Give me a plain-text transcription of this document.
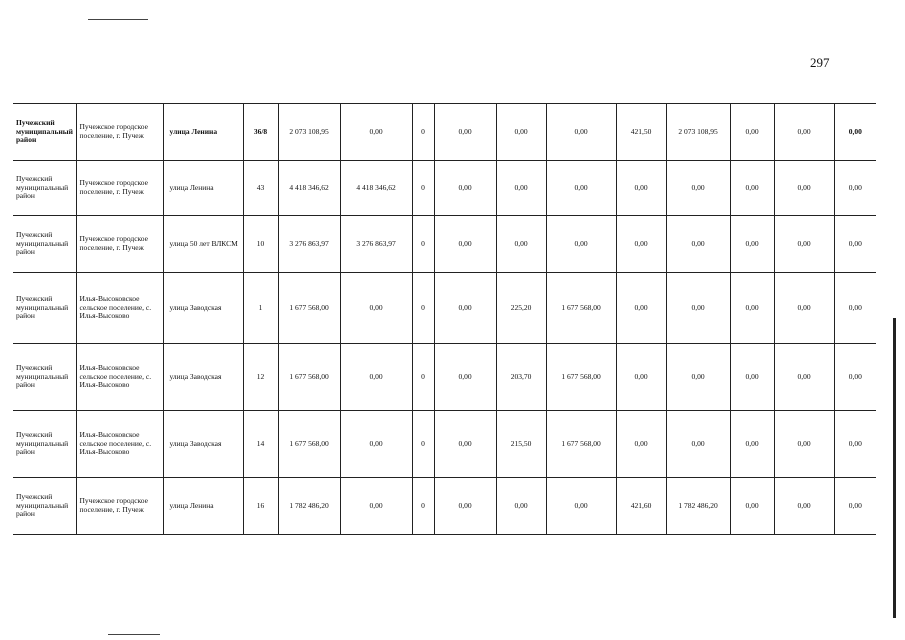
297
Пучежский муниципальный район	Пучежское городское поселение, г. Пучеж	улица Ленина	36/8	2 073 108,95	0,00	0	0,00	0,00	0,00	421,50	2 073 108,95	0,00	0,00	0,00
Пучежский муниципальный район	Пучежское городское поселение, г. Пучеж	улица Ленина	43	4 418 346,62	4 418 346,62	0	0,00	0,00	0,00	0,00	0,00	0,00	0,00	0,00
Пучежский муниципальный район	Пучежское городское поселение, г. Пучеж	улица 50 лет ВЛКСМ	10	3 276 863,97	3 276 863,97	0	0,00	0,00	0,00	0,00	0,00	0,00	0,00	0,00
Пучежский муниципальный район	Илья-Высоковское сельское поселение, с. Илья-Высоково	улица Заводская	1	1 677 568,00	0,00	0	0,00	225,20	1 677 568,00	0,00	0,00	0,00	0,00	0,00
Пучежский муниципальный район	Илья-Высоковское сельское поселение, с. Илья-Высоково	улица Заводская	12	1 677 568,00	0,00	0	0,00	203,70	1 677 568,00	0,00	0,00	0,00	0,00	0,00
Пучежский муниципальный район	Илья-Высоковское сельское поселение, с. Илья-Высоково	улица Заводская	14	1 677 568,00	0,00	0	0,00	215,50	1 677 568,00	0,00	0,00	0,00	0,00	0,00
Пучежский муниципальный район	Пучежское городское поселение, г. Пучеж	улица Ленина	16	1 782 486,20	0,00	0	0,00	0,00	0,00	421,60	1 782 486,20	0,00	0,00	0,00
